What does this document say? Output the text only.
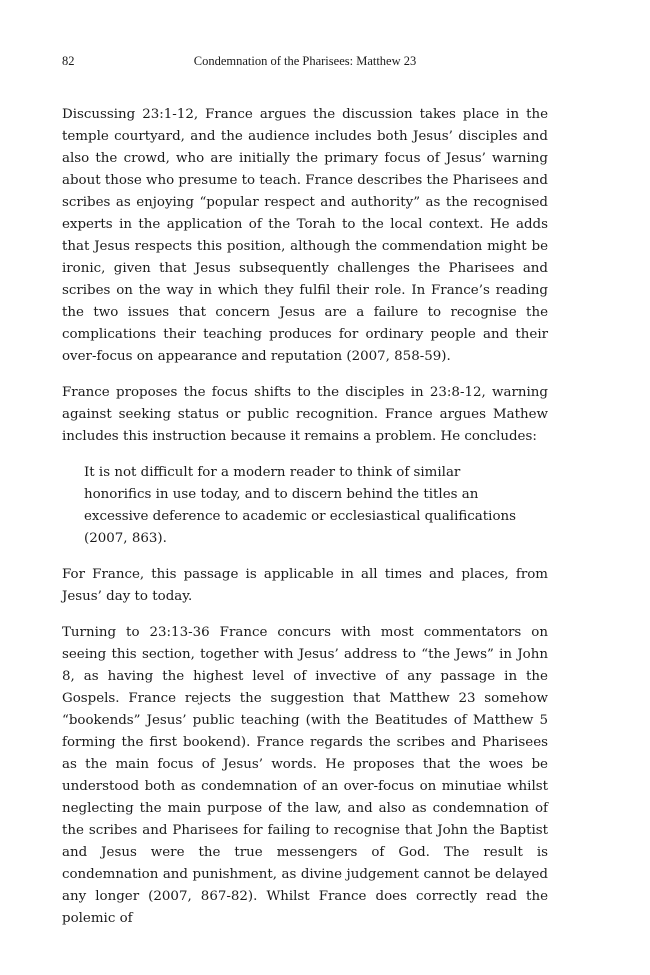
82	Condemnation of the Pharisees: Matthew 23

Discussing 23:1-12, France argues the discussion takes place in the temple courtyard, and the audience includes both Jesus’ disciples and also the crowd, who are initially the primary focus of Jesus’ warning about those who presume to teach. France describes the Pharisees and scribes as enjoying “popular respect and authority” as the recognised experts in the application of the Torah to the local context. He adds that Jesus respects this position, although the commendation might be ironic, given that Jesus subsequently challenges the Pharisees and scribes on the way in which they fulfil their role. In France’s reading the two issues that concern Jesus are a failure to recognise the complications their teaching produces for ordinary people and their over-focus on appearance and reputation (2007, 858-59).

France proposes the focus shifts to the disciples in 23:8-12, warning against seeking status or public recognition. France argues Mathew includes this instruction because it remains a problem. He concludes:

It is not difficult for a modern reader to think of similar honorifics in use today, and to discern behind the titles an excessive deference to academic or ecclesiastical qualifications (2007, 863).

For France, this passage is applicable in all times and places, from Jesus’ day to today.

Turning to 23:13-36 France concurs with most commentators on seeing this section, together with Jesus’ address to “the Jews” in John 8, as having the highest level of invective of any passage in the Gospels. France rejects the suggestion that Matthew 23 somehow “bookends” Jesus’ public teaching (with the Beatitudes of Matthew 5 forming the first bookend). France regards the scribes and Pharisees as the main focus of Jesus’ words. He proposes that the woes be understood both as condemnation of an over-focus on minutiae whilst neglecting the main purpose of the law, and also as condemnation of the scribes and Pharisees for failing to recognise that John the Baptist and Jesus were the true messengers of God. The result is condemnation and punishment, as divine judgement cannot be delayed any longer (2007, 867-82). Whilst France does correctly read the polemic of
